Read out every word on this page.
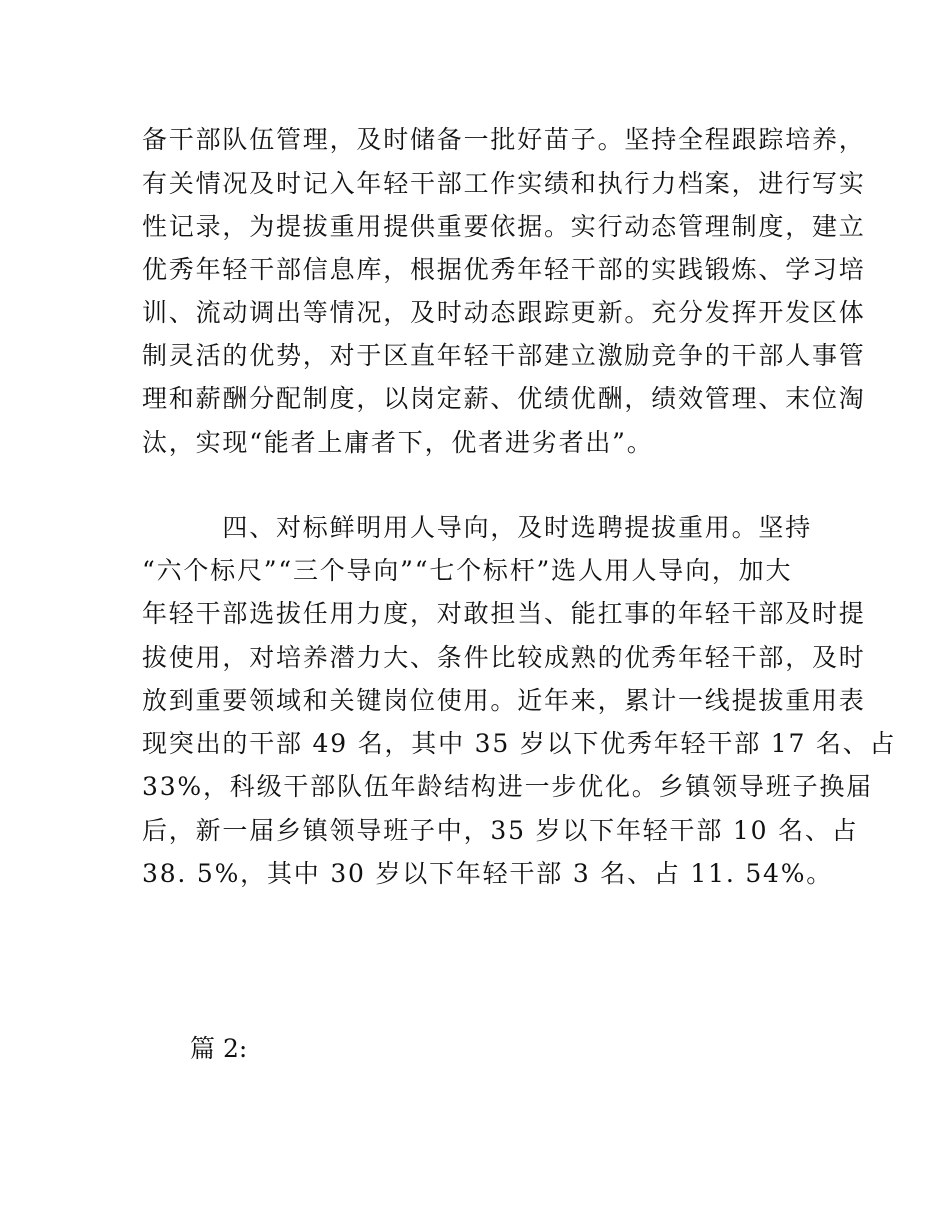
备干部队伍管理，及时储备一批好苗子。坚持全程跟踪培养，
有关情况及时记入年轻干部工作实绩和执行力档案，进行写实
性记录，为提拔重用提供重要依据。实行动态管理制度，建立
优秀年轻干部信息库，根据优秀年轻干部的实践锻炼、学习培
训、流动调出等情况，及时动态跟踪更新。充分发挥开发区体
制灵活的优势，对于区直年轻干部建立激励竞争的干部人事管
理和薪酬分配制度，以岗定薪、优绩优酬，绩效管理、末位淘
汰，实现“能者上庸者下，优者进劣者出”。
　　　四、对标鲜明用人导向，及时选聘提拔重用。坚持
“六个标尺”“三个导向”“七个标杆”选人用人导向，加大
年轻干部选拔任用力度，对敢担当、能扛事的年轻干部及时提
拔使用，对培养潜力大、条件比较成熟的优秀年轻干部，及时
放到重要领域和关键岗位使用。近年来，累计一线提拔重用表
现突出的干部 49 名，其中 35 岁以下优秀年轻干部 17 名、占
33%，科级干部队伍年龄结构进一步优化。乡镇领导班子换届
后，新一届乡镇领导班子中，35 岁以下年轻干部 10 名、占
38. 5%，其中 30 岁以下年轻干部 3 名、占 11. 54%。
篇 2:
